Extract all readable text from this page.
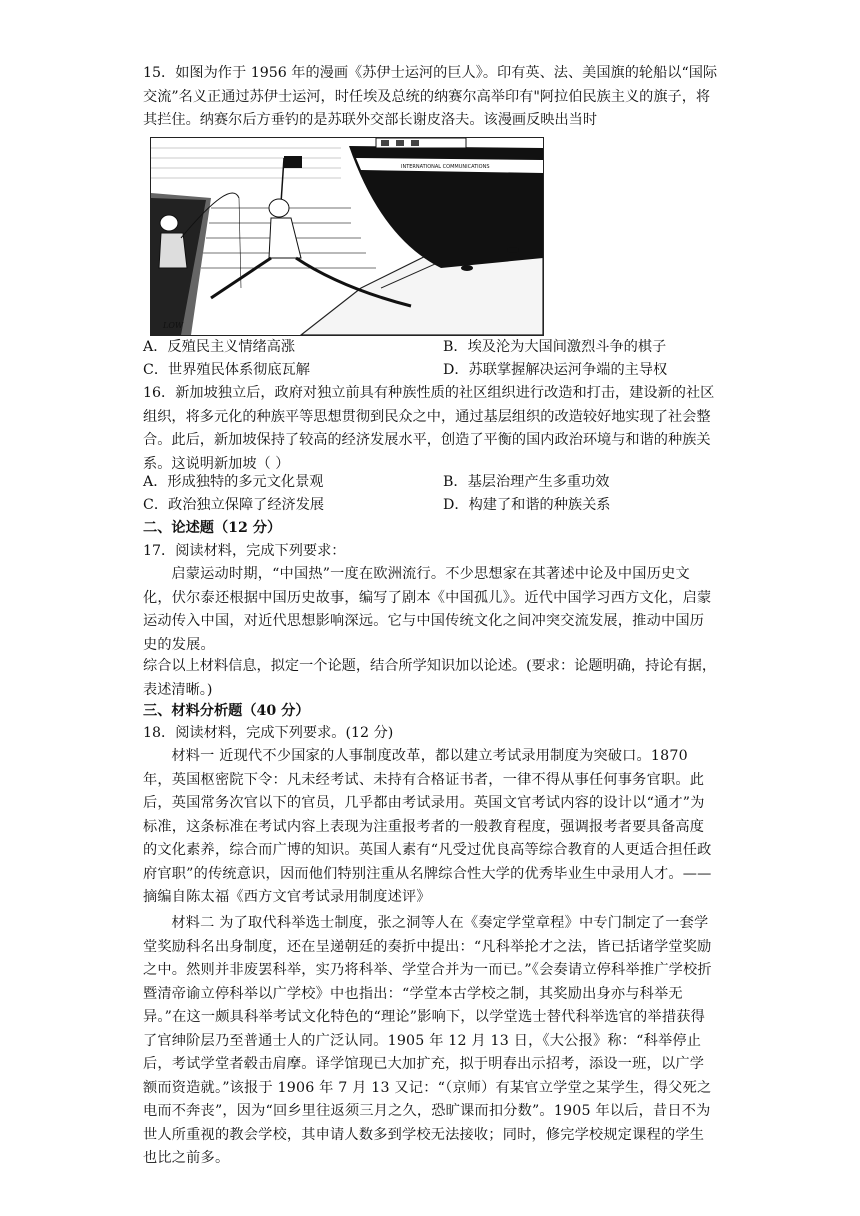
15．如图为作于 1956 年的漫画《苏伊士运河的巨人》。印有英、法、美国旗的轮船以“国际交流”名义正通过苏伊士运河，时任埃及总统的纳赛尔高举印有"阿拉伯民族主义的旗子，将其拦住。纳赛尔后方垂钓的是苏联外交部长谢皮洛夫。该漫画反映出当时

INTERNATIONAL COMMUNICATIONS
LOW
A．反殖民主义情绪高涨	B．埃及沦为大国间激烈斗争的棋子
C．世界殖民体系彻底瓦解	D．苏联掌握解决运河争端的主导权

16．新加坡独立后，政府对独立前具有种族性质的社区组织进行改造和打击，建设新的社区组织，将多元化的种族平等思想贯彻到民众之中，通过基层组织的改造较好地实现了社会整合。此后，新加坡保持了较高的经济发展水平，创造了平衡的国内政治环境与和谐的种族关系。这说明新加坡（ ）

A．形成独特的多元文化景观	B．基层治理产生多重功效
C．政治独立保障了经济发展	D．构建了和谐的种族关系
二、论述题（12 分）

17．阅读材料，完成下列要求：

启蒙运动时期，“中国热”一度在欧洲流行。不少思想家在其著述中论及中国历史文化，伏尔泰还根据中国历史故事，编写了剧本《中国孤儿》。近代中国学习西方文化，启蒙运动传入中国，对近代思想影响深远。它与中国传统文化之间冲突交流发展，推动中国历史的发展。

综合以上材料信息，拟定一个论题，结合所学知识加以论述。(要求：论题明确，持论有据，表述清晰。)

三、材料分析题（40 分）

18．阅读材料，完成下列要求。(12 分)

材料一 近现代不少国家的人事制度改革，都以建立考试录用制度为突破口。1870 年，英国枢密院下令：凡未经考试、未持有合格证书者，一律不得从事任何事务官职。此后，英国常务次官以下的官员，几乎都由考试录用。英国文官考试内容的设计以“通才”为标准，这条标准在考试内容上表现为注重报考者的一般教育程度，强调报考者要具备高度的文化素养，综合而广博的知识。英国人素有“凡受过优良高等综合教育的人更适合担任政府官职”的传统意识，因而他们特别注重从名牌综合性大学的优秀毕业生中录用人才。——摘编自陈太福《西方文官考试录用制度述评》

材料二 为了取代科举选士制度，张之洞等人在《奏定学堂章程》中专门制定了一套学堂奖励科名出身制度，还在呈递朝廷的奏折中提出：“凡科举抡才之法，皆已括诸学堂奖励之中。然则并非废罢科举，实乃将科举、学堂合并为一而已。”《会奏请立停科举推广学校折暨清帝谕立停科举以广学校》中也指出：“学堂本古学校之制，其奖励出身亦与科举无异。”在这一颇具科举考试文化特色的“理论”影响下，以学堂选士替代科举选官的举措获得了官绅阶层乃至普通士人的广泛认同。1905 年 12 月 13 日，《大公报》称：“科举停止后，考试学堂者毂击肩摩。译学馆现已大加扩充，拟于明春出示招考，添设一班，以广学额而资造就。”该报于 1906 年 7 月 13 又记：“（京师）有某官立学堂之某学生，得父死之电而不奔丧”，因为“回乡里往返须三月之久，恐旷课而扣分数”。1905 年以后，昔日不为世人所重视的教会学校，其申请人数多到学校无法接收；同时，修完学校规定课程的学生也比之前多。
